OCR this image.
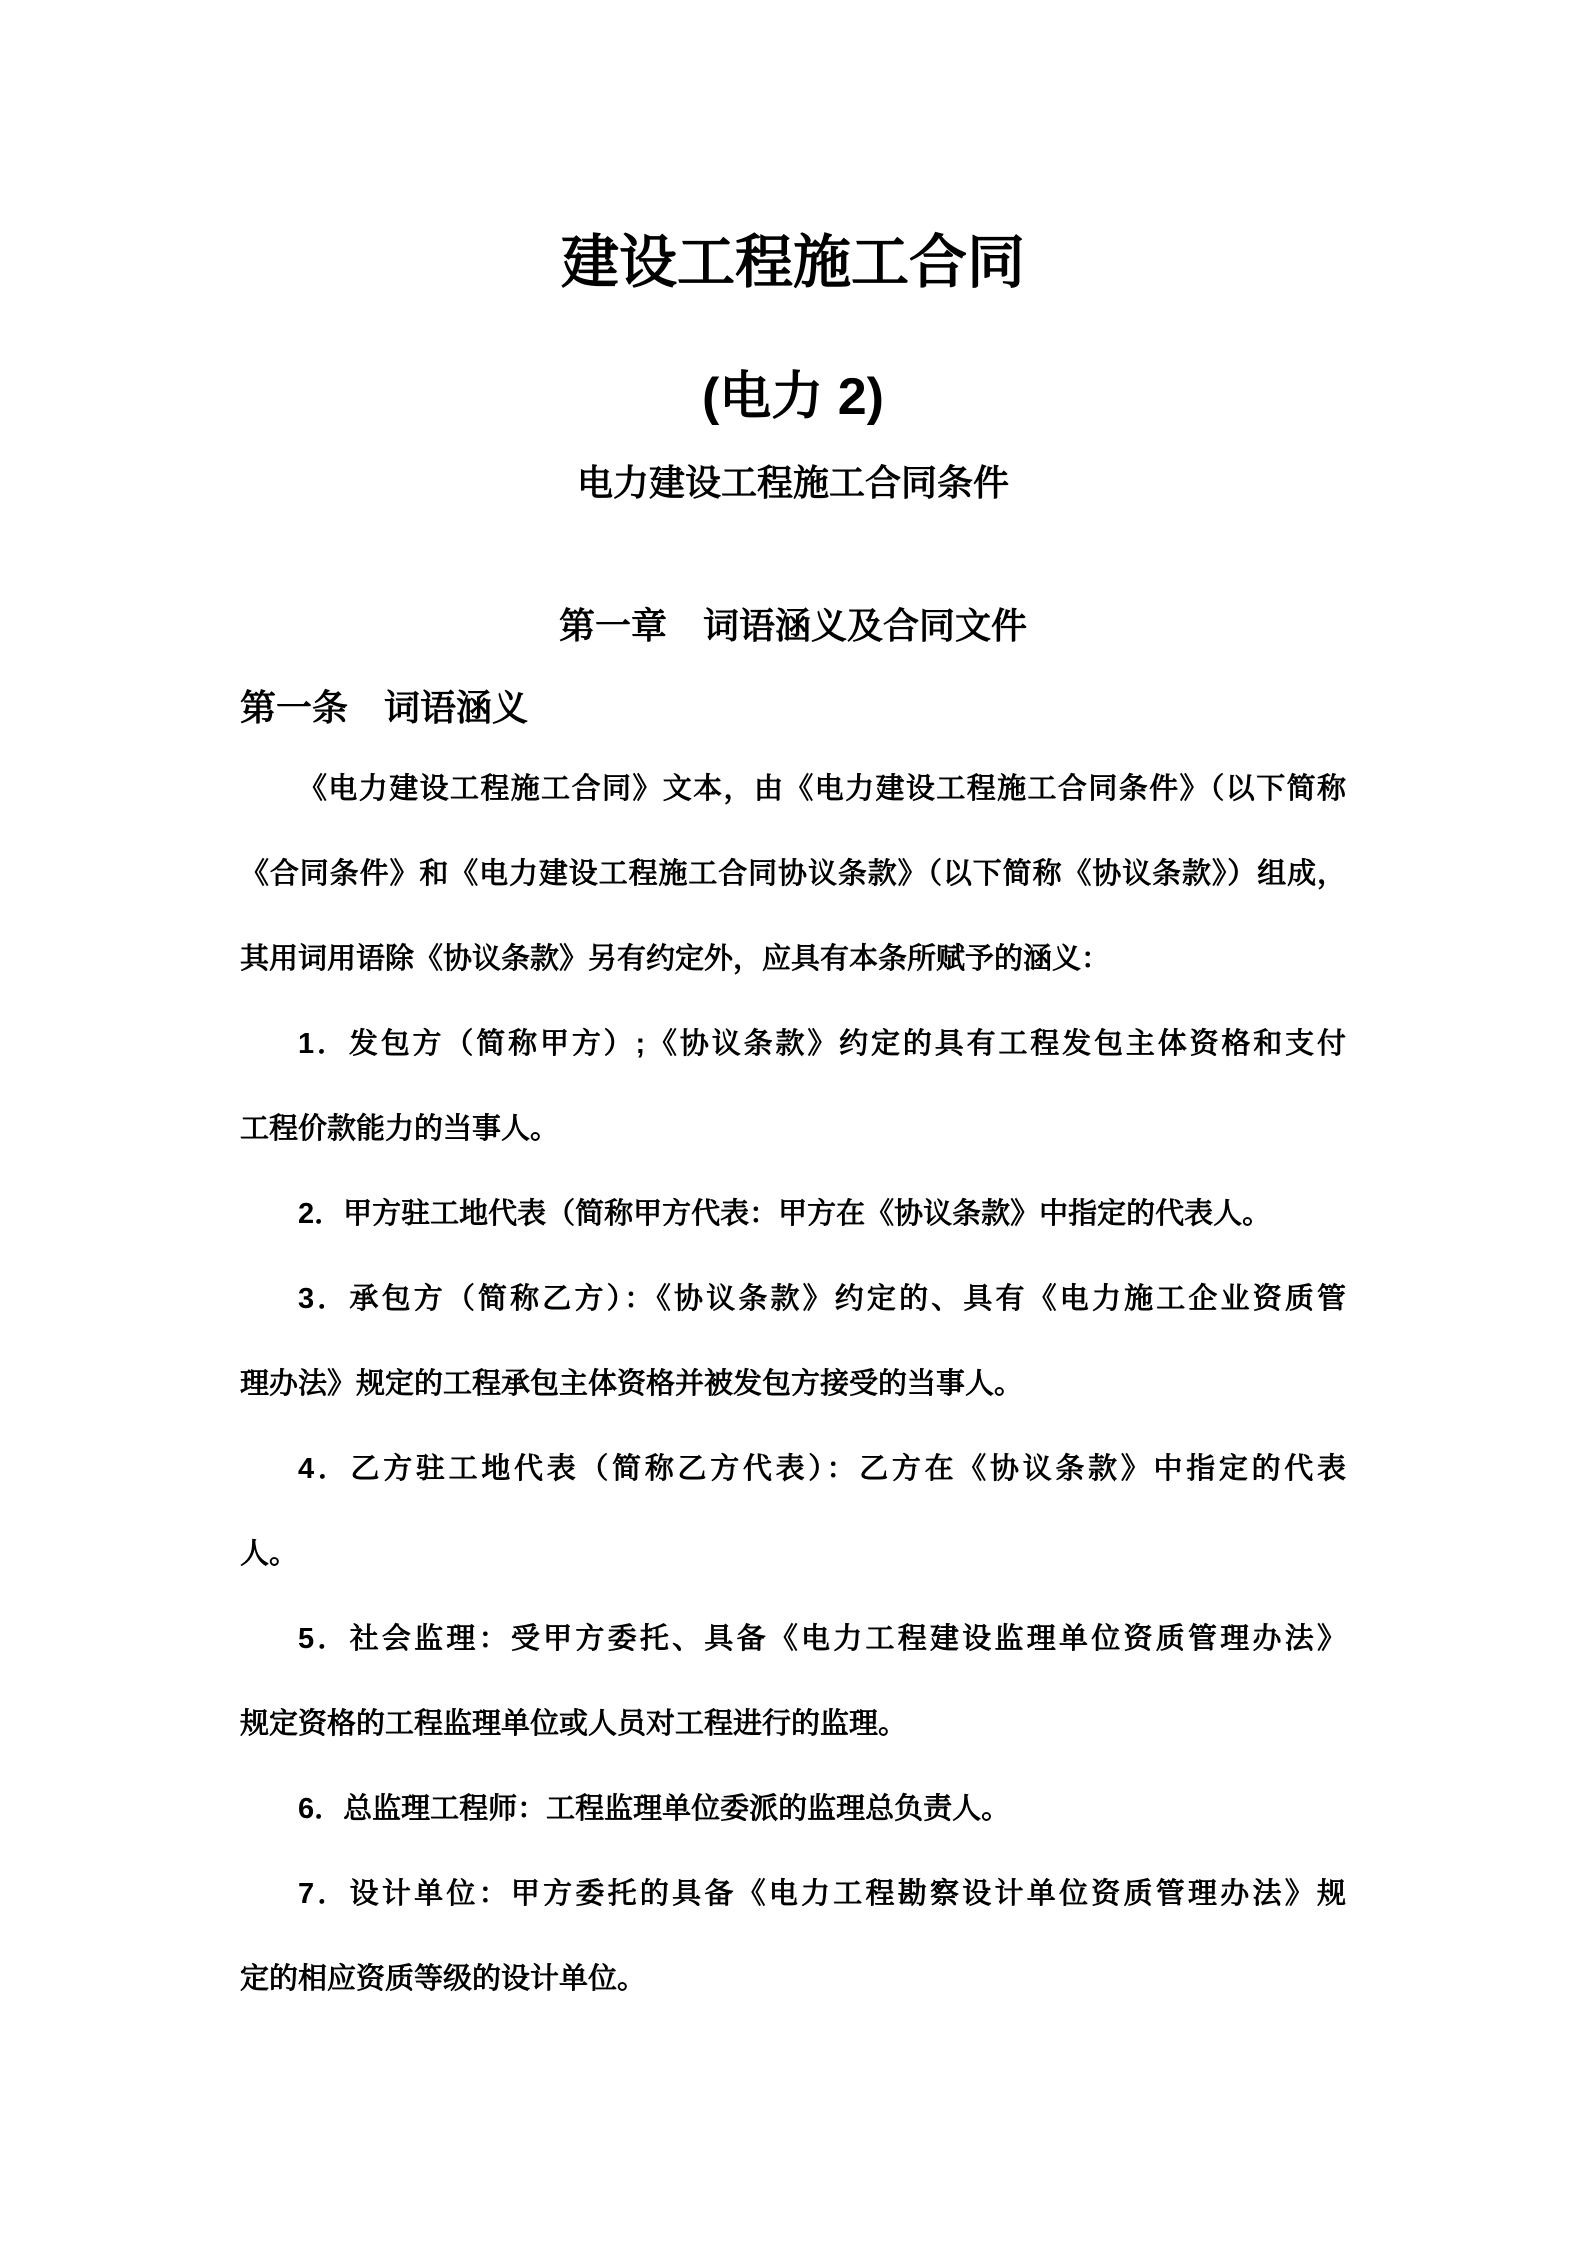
建设工程施工合同
(电力 2)
电力建设工程施工合同条件
第一章　词语涵义及合同文件
第一条　词语涵义
《电力建设工程施工合同》文本，由《电力建设工程施工合同条件》（以下简称
《合同条件》和《电力建设工程施工合同协议条款》（以下简称《协议条款》）组成，
其用词用语除《协议条款》另有约定外，应具有本条所赋予的涵义：
1．发包方（简称甲方）;《协议条款》约定的具有工程发包主体资格和支付
工程价款能力的当事人。
2．甲方驻工地代表（简称甲方代表：甲方在《协议条款》中指定的代表人。
3．承包方（简称乙方）：《协议条款》约定的、具有《电力施工企业资质管
理办法》规定的工程承包主体资格并被发包方接受的当事人。
4．乙方驻工地代表（简称乙方代表）：乙方在《协议条款》中指定的代表
人。
5．社会监理：受甲方委托、具备《电力工程建设监理单位资质管理办法》
规定资格的工程监理单位或人员对工程进行的监理。
6．总监理工程师：工程监理单位委派的监理总负责人。
7．设计单位：甲方委托的具备《电力工程勘察设计单位资质管理办法》规
定的相应资质等级的设计单位。
